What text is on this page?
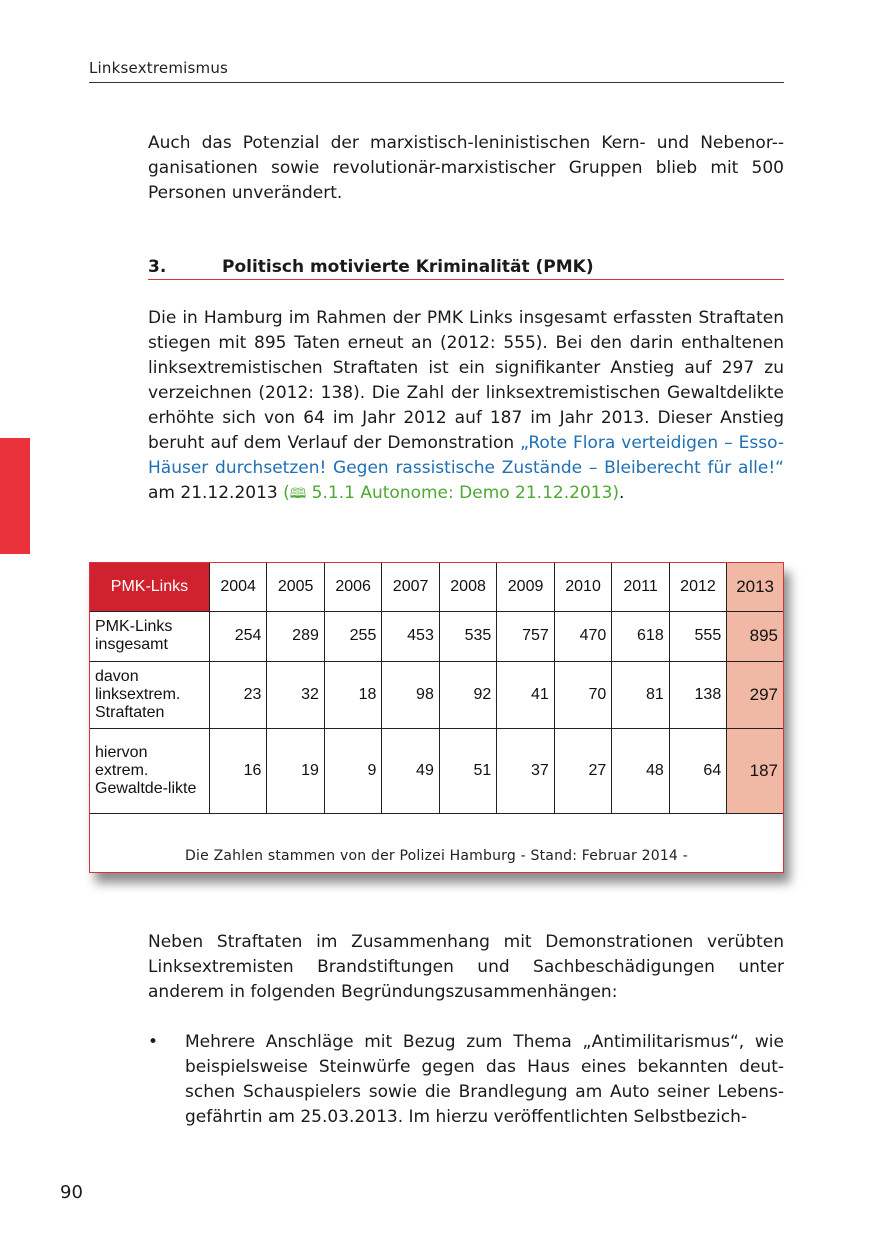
Linksextremismus

Auch das Potenzial der marxistisch-leninistischen Kern- und Nebenor-ganisationen sowie revolutionär-marxistischer Gruppen blieb mit 500 Personen unverändert.

3.	Politisch motivierte Kriminalität (PMK)

Die in Hamburg im Rahmen der PMK Links insgesamt erfassten Straftaten stiegen mit 895 Taten erneut an (2012: 555). Bei den darin enthaltenen linksextremistischen Straftaten ist ein signifikanter Anstieg auf 297 zu verzeichnen (2012: 138). Die Zahl der linksextremistischen Gewaltdelikte erhöhte sich von 64 im Jahr 2012 auf 187 im Jahr 2013. Dieser Anstieg beruht auf dem Verlauf der Demonstration „Rote Flora verteidigen – Esso-Häuser durchsetzen! Gegen rassistische Zustände – Bleiberecht für alle!“ am 21.12.2013 (🕮 5.1.1 Autonome: Demo 21.12.2013).

PMK-Links	2004	2005	2006	2007	2008	2009	2010	2011	2012	2013
PMK-Links insgesamt	254	289	255	453	535	757	470	618	555	895
davon linksextrem. Straftaten	23	32	18	98	92	41	70	81	138	297
hiervon extrem. Gewaltde-likte	16	19	9	49	51	37	27	48	64	187
Die Zahlen stammen von der Polizei Hamburg - Stand: Februar 2014 -

Neben Straftaten im Zusammenhang mit Demonstrationen verübten Linksextremisten Brandstiftungen und Sachbeschädigungen unter anderem in folgenden Begründungszusammenhängen:

• Mehrere Anschläge mit Bezug zum Thema „Antimilitarismus“, wie beispielsweise Steinwürfe gegen das Haus eines bekannten deutschen Schauspielers sowie die Brandlegung am Auto seiner Lebensgefährtin am 25.03.2013. Im hierzu veröffentlichten Selbstbezich-
90
